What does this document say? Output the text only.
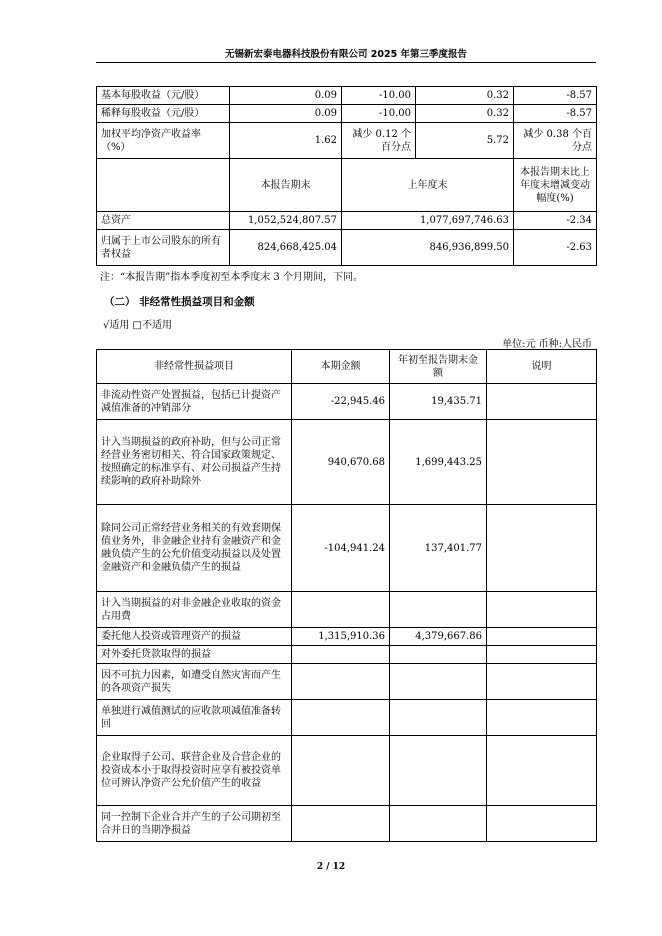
无锡新宏泰电器科技股份有限公司 2025 年第三季度报告
基本每股收益（元/股）	0.09	-10.00	0.32	-8.57
稀释每股收益（元/股）	0.09	-10.00	0.32	-8.57
加权平均净资产收益率（%）	1.62	减少 0.12 个百分点	5.72	减少 0.38 个百分点
	本报告期末	上年度末		本报告期末比上年度末增减变动幅度(%)
总资产	1,052,524,807.57	1,077,697,746.63		-2.34
归属于上市公司股东的所有者权益	824,668,425.04	846,936,899.50		-2.63
注：“本报告期”指本季度初至本季度末 3 个月期间，下同。
（二） 非经常性损益项目和金额
√适用 □不适用
单位:元 币种:人民币
非经常性损益项目	本期金额	年初至报告期末金额	说明
非流动性资产处置损益，包括已计提资产减值准备的冲销部分	-22,945.46	19,435.71	
计入当期损益的政府补助，但与公司正常经营业务密切相关、符合国家政策规定、按照确定的标准享有、对公司损益产生持续影响的政府补助除外	940,670.68	1,699,443.25	
除同公司正常经营业务相关的有效套期保值业务外，非金融企业持有金融资产和金融负债产生的公允价值变动损益以及处置金融资产和金融负债产生的损益	-104,941.24	137,401.77	
计入当期损益的对非金融企业收取的资金占用费			
委托他人投资或管理资产的损益	1,315,910.36	4,379,667.86	
对外委托贷款取得的损益			
因不可抗力因素，如遭受自然灾害而产生的各项资产损失			
单独进行减值测试的应收款项减值准备转回			
企业取得子公司、联营企业及合营企业的投资成本小于取得投资时应享有被投资单位可辨认净资产公允价值产生的收益			
同一控制下企业合并产生的子公司期初至合并日的当期净损益			
2 / 12
